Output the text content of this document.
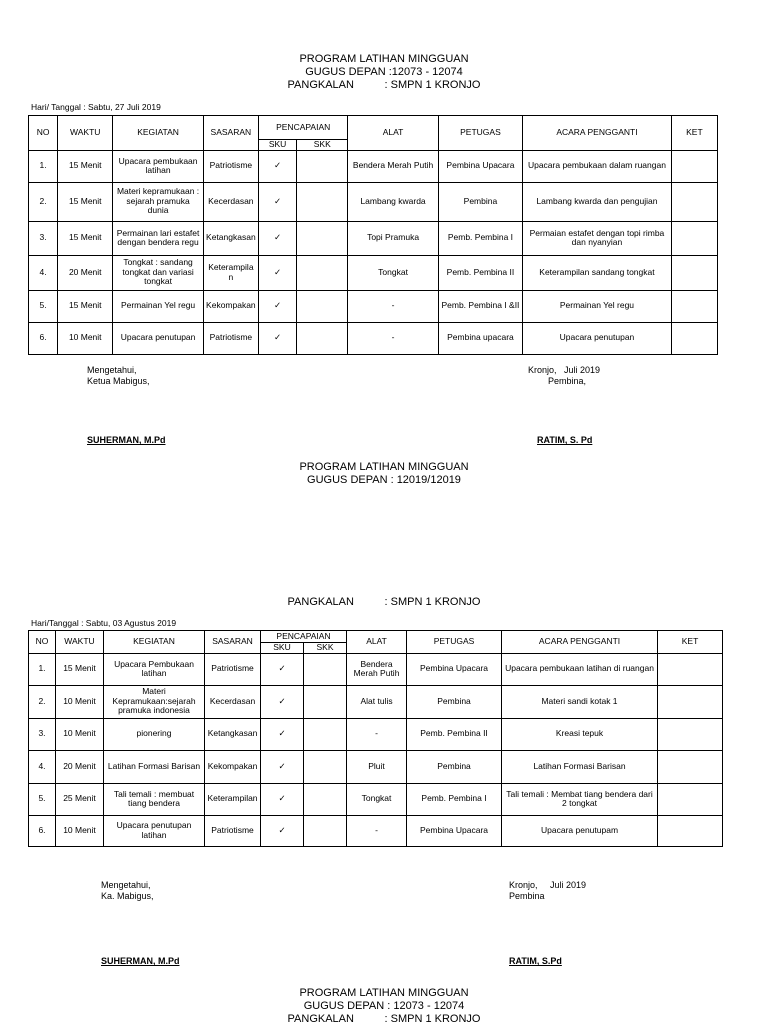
PROGRAM LATIHAN MINGGUAN
GUGUS DEPAN :12073 - 12074
PANGKALAN          : SMPN 1 KRONJO
Hari/ Tanggal : Sabtu, 27 Juli 2019
NO	WAKTU	KEGIATAN	SASARAN	PENCAPAIAN		ALAT	PETUGAS	ACARA PENGGANTI	KET
				SKU	SKK				
1.	15 Menit	Upacara pembukaan latihan	Patriotisme	✓		Bendera Merah Putih	Pembina Upacara	Upacara pembukaan dalam ruangan	
2.	15 Menit	Materi kepramukaan : sejarah pramuka dunia	Kecerdasan	✓		Lambang kwarda	Pembina	Lambang kwarda dan pengujian	
3.	15 Menit	Permainan lari estafet dengan bendera regu	Ketangkasan	✓		Topi Pramuka	Pemb. Pembina I	Permaian estafet dengan topi rimba dan nyanyian	
4.	20 Menit	Tongkat : sandang tongkat dan variasi tongkat	Keterampila n	✓		Tongkat	Pemb. Pembina II	Keterampilan sandang tongkat	
5.	15 Menit	Permainan Yel regu	Kekompakan	✓		-	Pemb. Pembina I &II	Permainan Yel regu	
6.	10 Menit	Upacara penutupan	Patriotisme	✓		-	Pembina upacara	Upacara penutupan	
Mengetahui,
Ketua Mabigus,
Kronjo,   Juli 2019
Pembina,
SUHERMAN, M.Pd	RATIM, S. Pd
PROGRAM LATIHAN MINGGUAN
GUGUS DEPAN : 12019/12019
PANGKALAN          : SMPN 1 KRONJO
Hari/Tanggal : Sabtu, 03 Agustus 2019
NO	WAKTU	KEGIATAN	SASARAN	PENCAPAIAN		ALAT	PETUGAS	ACARA PENGGANTI	KET
				SKU	SKK				
1.	15 Menit	Upacara Pembukaan latihan	Patriotisme	✓		Bendera Merah Putih	Pembina Upacara	Upacara pembukaan latihan di ruangan	
2.	10 Menit	Materi Kepramukaan:sejarah pramuka indonesia	Kecerdasan	✓		Alat tulis	Pembina	Materi sandi kotak 1	
3.	10 Menit	pionering	Ketangkasan	✓		-	Pemb. Pembina II	Kreasi tepuk	
4.	20 Menit	Latihan Formasi Barisan	Kekompakan	✓		Pluit	Pembina	Latihan Formasi Barisan	
5.	25 Menit	Tali temali : membuat tiang bendera	Keterampilan	✓		Tongkat	Pemb. Pembina I	Tali temali : Membat tiang bendera dari 2 tongkat	
6.	10 Menit	Upacara penutupan latihan	Patriotisme	✓		-	Pembina Upacara	Upacara penutupam	
Mengetahui,
Ka. Mabigus,
Kronjo,     Juli 2019
Pembina
SUHERMAN, M.Pd	RATIM, S.Pd
PROGRAM LATIHAN MINGGUAN
GUGUS DEPAN : 12073 - 12074
PANGKALAN          : SMPN 1 KRONJO
